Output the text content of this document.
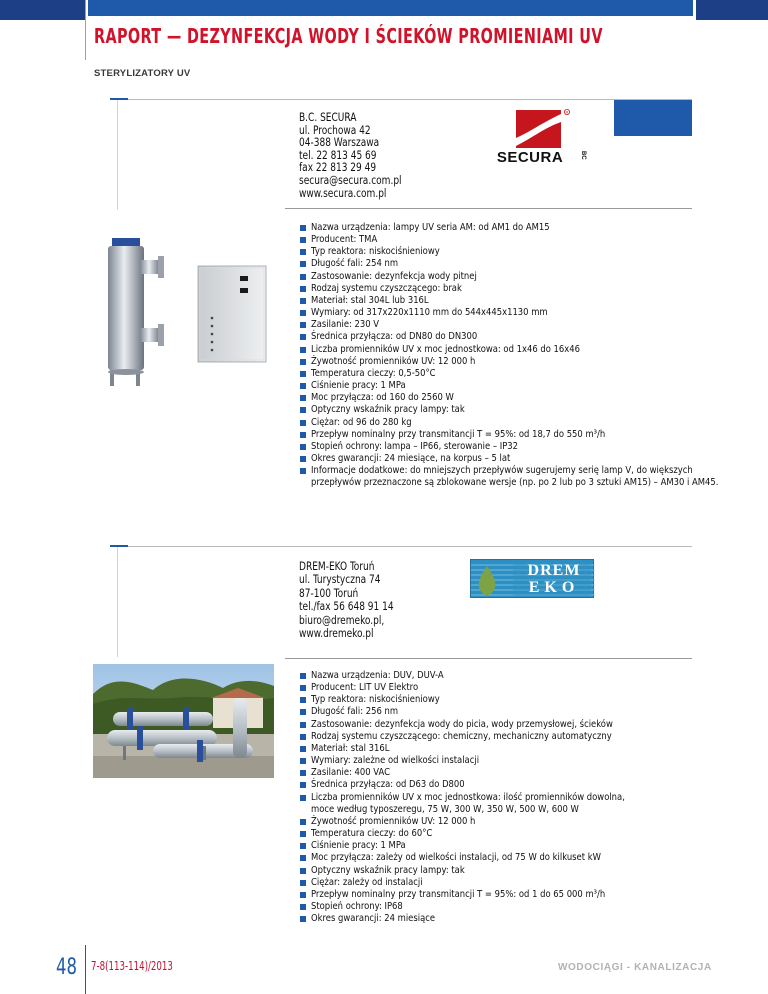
RAPORT — DEZYNFEKCJA WODY I ŚCIEKÓW PROMIENIAMI UV
STERYLIZATORY UV
B.C. SECURA
ul. Prochowa 42
04-388 Warszawa
tel. 22 813 45 69
fax 22 813 29 49
secura@secura.com.pl
www.secura.com.pl
R
SECURA	BC
Nazwa urządzenia: lampy UV seria AM: od AM1 do AM15
Producent: TMA
Typ reaktora: niskociśnieniowy
Długość fali: 254 nm
Zastosowanie: dezynfekcja wody pitnej
Rodzaj systemu czyszczącego: brak
Materiał: stal 304L lub 316L
Wymiary: od 317x220x1110 mm do 544x445x1130 mm
Zasilanie: 230 V
Średnica przyłącza: od DN80 do DN300
Liczba promienników UV x moc jednostkowa: od 1x46 do 16x46
Żywotność promienników UV: 12 000 h
Temperatura cieczy: 0,5-50°C
Ciśnienie pracy: 1 MPa
Moc przyłącza: od 160 do 2560 W
Optyczny wskaźnik pracy lampy: tak
Ciężar: od 96 do 280 kg
Przepływ nominalny przy transmitancji T = 95%: od 18,7 do 550 m³/h
Stopień ochrony: lampa – IP66, sterowanie – IP32
Okres gwarancji: 24 miesiące, na korpus – 5 lat
Informacje dodatkowe: do mniejszych przepływów sugerujemy serię lamp V, do większych
przepływów przeznaczone są zblokowane wersje (np. po 2 lub po 3 sztuki AM15) – AM30 i AM45.
DREM-EKO Toruń
ul. Turystyczna 74
87-100 Toruń
tel./fax 56 648 91 14
biuro@dremeko.pl,
www.dremeko.pl
DREM
EKO
Nazwa urządzenia: DUV, DUV-A
Producent: LIT UV Elektro
Typ reaktora: niskociśnieniowy
Długość fali: 256 nm
Zastosowanie: dezynfekcja wody do picia, wody przemysłowej, ścieków
Rodzaj systemu czyszczącego: chemiczny, mechaniczny automatyczny
Materiał: stal 316L
Wymiary: zależne od wielkości instalacji
Zasilanie: 400 VAC
Średnica przyłącza: od D63 do D800
Liczba promienników UV x moc jednostkowa: ilość promienników dowolna,
moce według typoszeregu, 75 W, 300 W, 350 W, 500 W, 600 W
Żywotność promienników UV: 12 000 h
Temperatura cieczy: do 60°C
Ciśnienie pracy: 1 MPa
Moc przyłącza: zależy od wielkości instalacji, od 75 W do kilkuset kW
Optyczny wskaźnik pracy lampy: tak
Ciężar: zależy od instalacji
Przepływ nominalny przy transmitancji T = 95%: od 1 do 65 000 m³/h
Stopień ochrony: IP68
Okres gwarancji: 24 miesiące
48 7-8(113-114)/2013	WODOCIĄGI - KANALIZACJA
